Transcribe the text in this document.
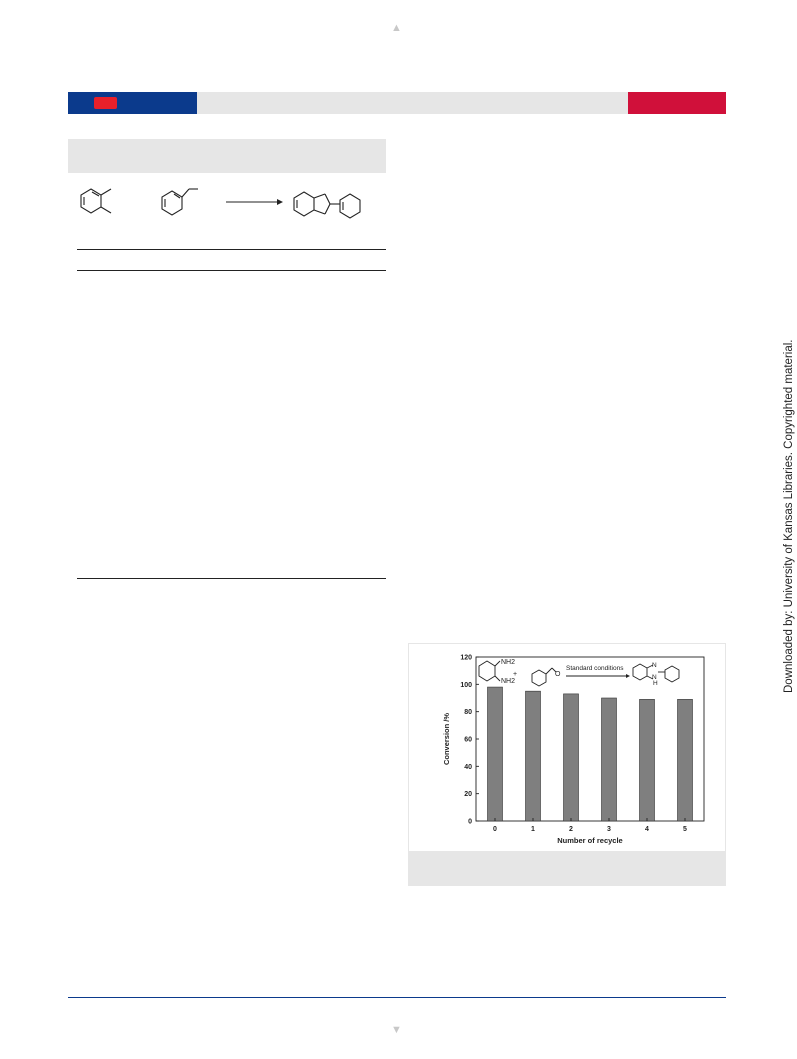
▲
▼
Downloaded by: University of Kansas Libraries. Copyrighted material.
0
20
40
60
80
100
120
0	1	2	3	4	5
Number of recycle
Conversion /%
NH2
NH2
+	O
Standard conditions	N
N
H
